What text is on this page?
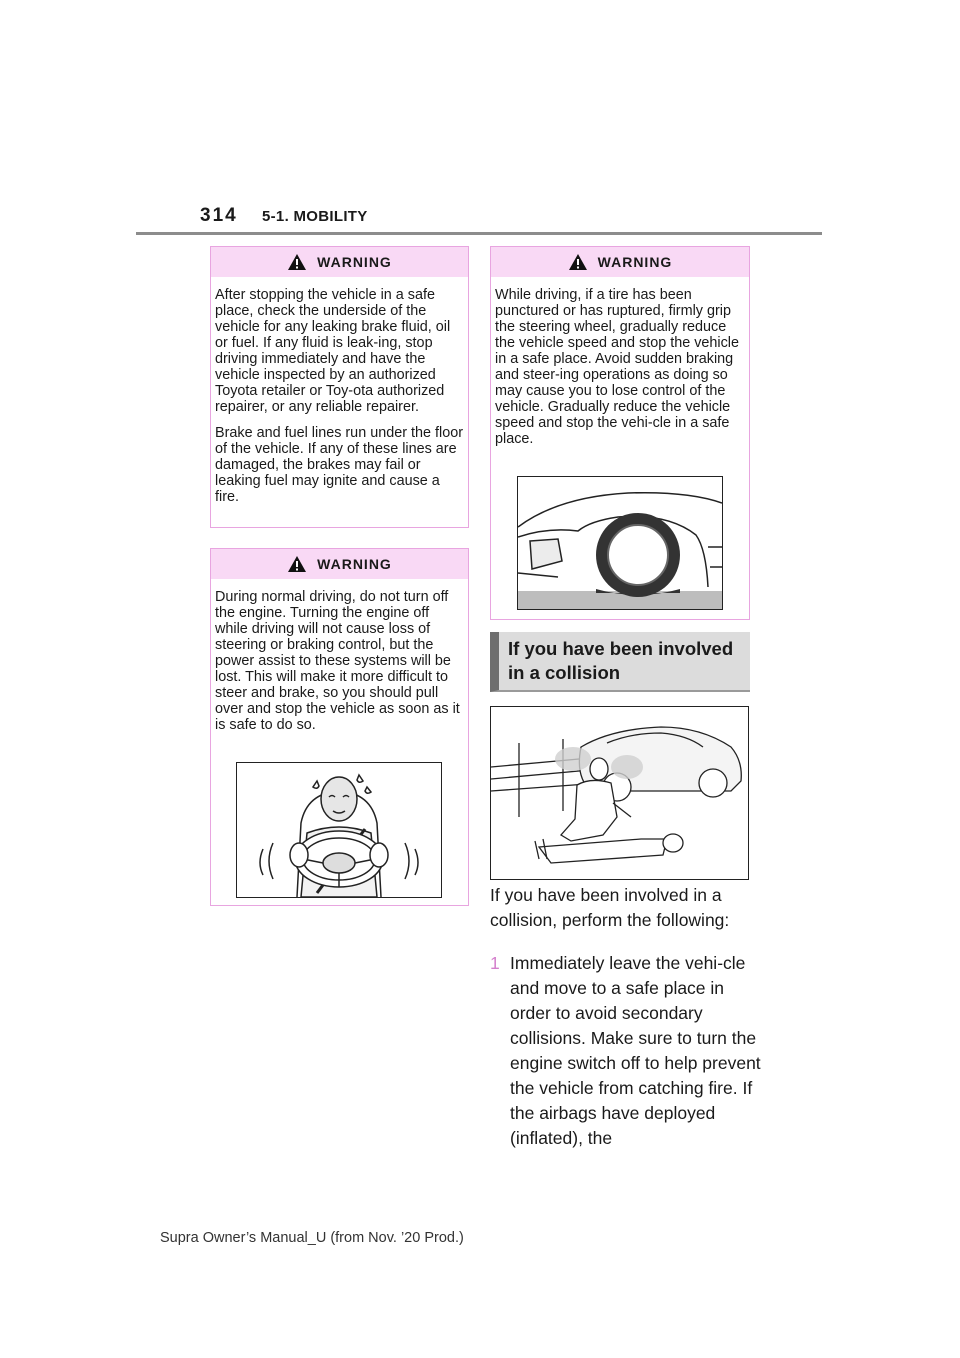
314	5-1. MOBILITY
WARNING

After stopping the vehicle in a safe place, check the underside of the vehicle for any leaking brake fluid, oil or fuel. If any fluid is leak-ing, stop driving immediately and have the vehicle inspected by an authorized Toyota retailer or Toy-ota authorized repairer, or any reliable repairer.

Brake and fuel lines run under the floor of the vehicle. If any of these lines are damaged, the brakes may fail or leaking fuel may ignite and cause a fire.

WARNING

During normal driving, do not turn off the engine. Turning the engine off while driving will not cause loss of steering or braking control, but the power assist to these systems will be lost. This will make it more difficult to steer and brake, so you should pull over and stop the vehicle as soon as it is safe to do so.

WARNING

While driving, if a tire has been punctured or has ruptured, firmly grip the steering wheel, gradually reduce the vehicle speed and stop the vehicle in a safe place. Avoid sudden braking and steer-ing operations as doing so may cause you to lose control of the vehicle. Gradually reduce the vehicle speed and stop the vehi-cle in a safe place.

If you have been involved in a collision
If you have been involved in a collision, perform the following:
1 Immediately leave the vehi-cle and move to a safe place in order to avoid secondary collisions. Make sure to turn the engine switch off to help prevent the vehicle from catching fire. If the airbags have deployed (inflated), the
Supra Owner’s Manual_U (from Nov. ’20 Prod.)
